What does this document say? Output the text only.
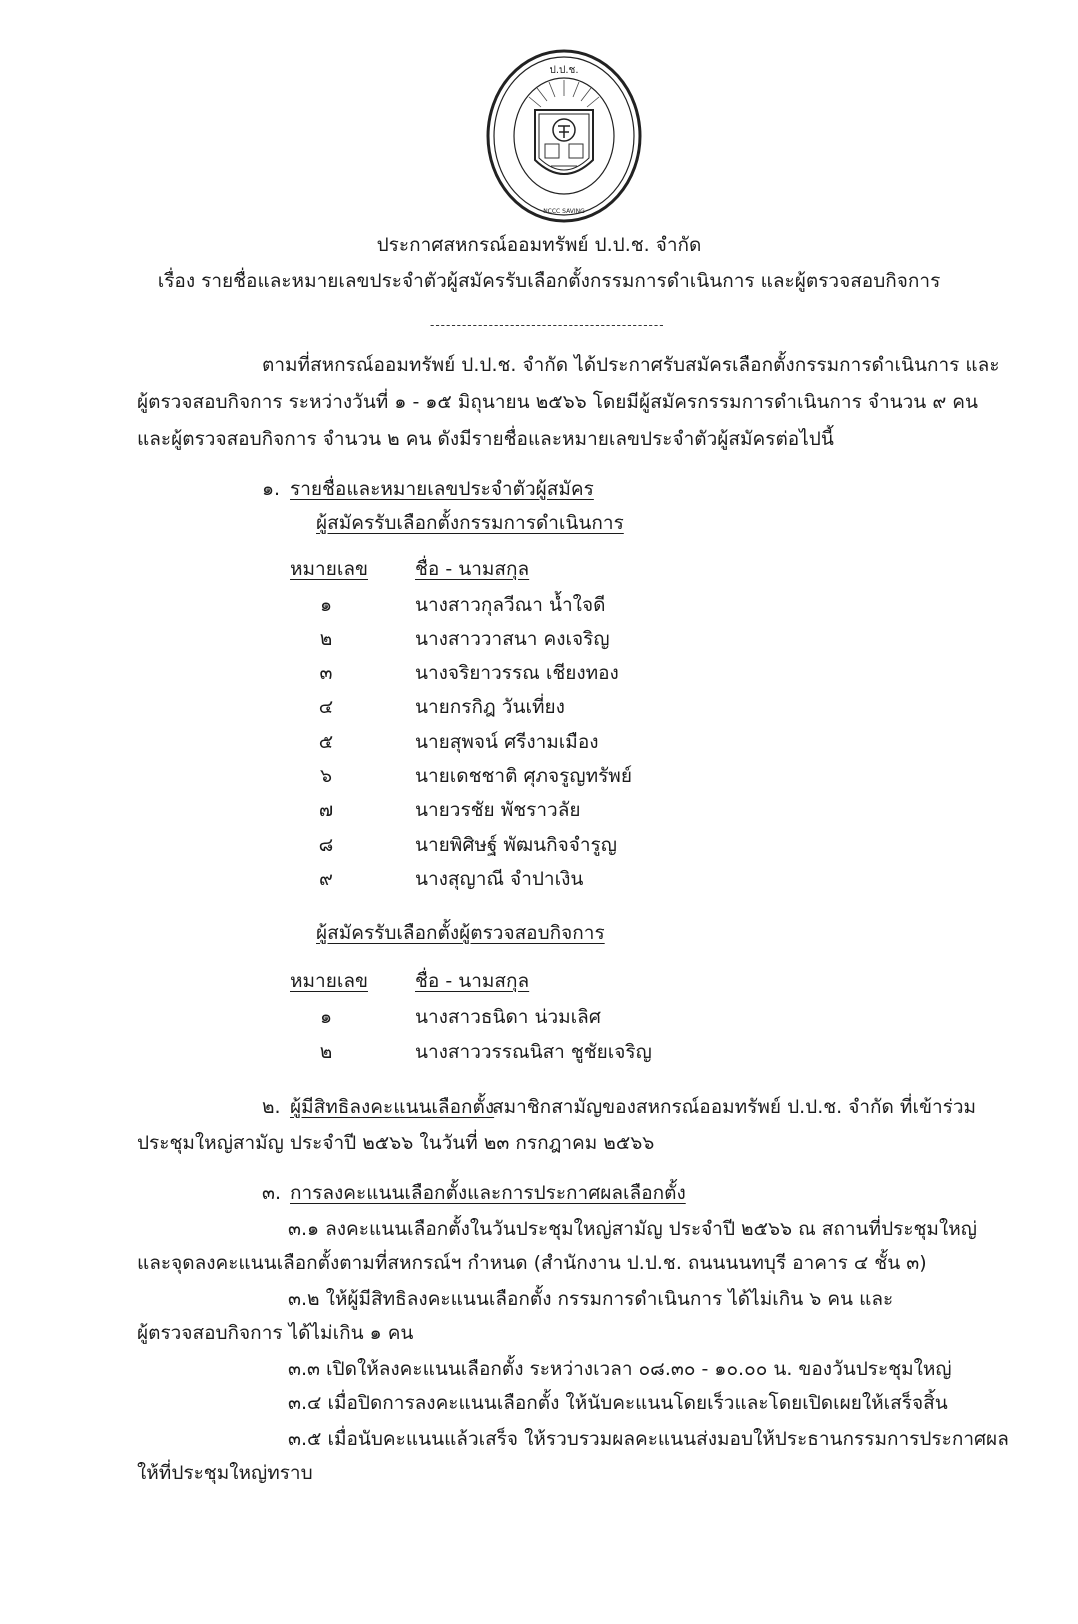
ป.ป.ช.
NCCC SAVING

ประกาศสหกรณ์ออมทรัพย์ ป.ป.ช. จำกัด

เรื่อง รายชื่อและหมายเลขประจำตัวผู้สมัครรับเลือกตั้งกรรมการดำเนินการ และผู้ตรวจสอบกิจการ

--------------------------------------------

ตามที่สหกรณ์ออมทรัพย์ ป.ป.ช. จำกัด ได้ประกาศรับสมัครเลือกตั้งกรรมการดำเนินการ และ

ผู้ตรวจสอบกิจการ ระหว่างวันที่ ๑ - ๑๕ มิถุนายน ๒๕๖๖ โดยมีผู้สมัครกรรมการดำเนินการ จำนวน ๙ คน

และผู้ตรวจสอบกิจการ จำนวน ๒ คน ดังมีรายชื่อและหมายเลขประจำตัวผู้สมัครต่อไปนี้

๑. รายชื่อและหมายเลขประจำตัวผู้สมัคร

ผู้สมัครรับเลือกตั้งกรรมการดำเนินการ

หมายเลข ชื่อ - นามสกุล

๑	นางสาวกุลวีณา น้ำใจดี
๒	นางสาววาสนา คงเจริญ
๓	นางจริยาวรรณ เชียงทอง
๔	นายกรกิฎ วันเที่ยง
๕	นายสุพจน์ ศรีงามเมือง
๖	นายเดชชาติ ศุภจรูญทรัพย์
๗	นายวรชัย พัชราวลัย
๘	นายพิศิษฐ์ พัฒนกิจจำรูญ
๙	นางสุญาณี จำปาเงิน

ผู้สมัครรับเลือกตั้งผู้ตรวจสอบกิจการ

หมายเลข ชื่อ - นามสกุล

๑	นางสาวธนิดา น่วมเลิศ
๒	นางสาววรรณนิสา ชูชัยเจริญ

๒. ผู้มีสิทธิลงคะแนนเลือกตั้ง

สมาชิกสามัญของสหกรณ์ออมทรัพย์ ป.ป.ช. จำกัด ที่เข้าร่วม

ประชุมใหญ่สามัญ ประจำปี ๒๕๖๖ ในวันที่ ๒๓ กรกฎาคม ๒๕๖๖

๓. การลงคะแนนเลือกตั้งและการประกาศผลเลือกตั้ง

๓.๑ ลงคะแนนเลือกตั้งในวันประชุมใหญ่สามัญ ประจำปี ๒๕๖๖ ณ สถานที่ประชุมใหญ่

และจุดลงคะแนนเลือกตั้งตามที่สหกรณ์ฯ กำหนด (สำนักงาน ป.ป.ช. ถนนนนทบุรี อาคาร ๔ ชั้น ๓)

๓.๒ ให้ผู้มีสิทธิลงคะแนนเลือกตั้ง กรรมการดำเนินการ ได้ไม่เกิน ๖ คน และ

ผู้ตรวจสอบกิจการ ได้ไม่เกิน ๑ คน

๓.๓ เปิดให้ลงคะแนนเลือกตั้ง ระหว่างเวลา ๐๘.๓๐ - ๑๐.๐๐ น. ของวันประชุมใหญ่

๓.๔ เมื่อปิดการลงคะแนนเลือกตั้ง ให้นับคะแนนโดยเร็วและโดยเปิดเผยให้เสร็จสิ้น

๓.๕ เมื่อนับคะแนนแล้วเสร็จ ให้รวบรวมผลคะแนนส่งมอบให้ประธานกรรมการประกาศผล

ให้ที่ประชุมใหญ่ทราบ
